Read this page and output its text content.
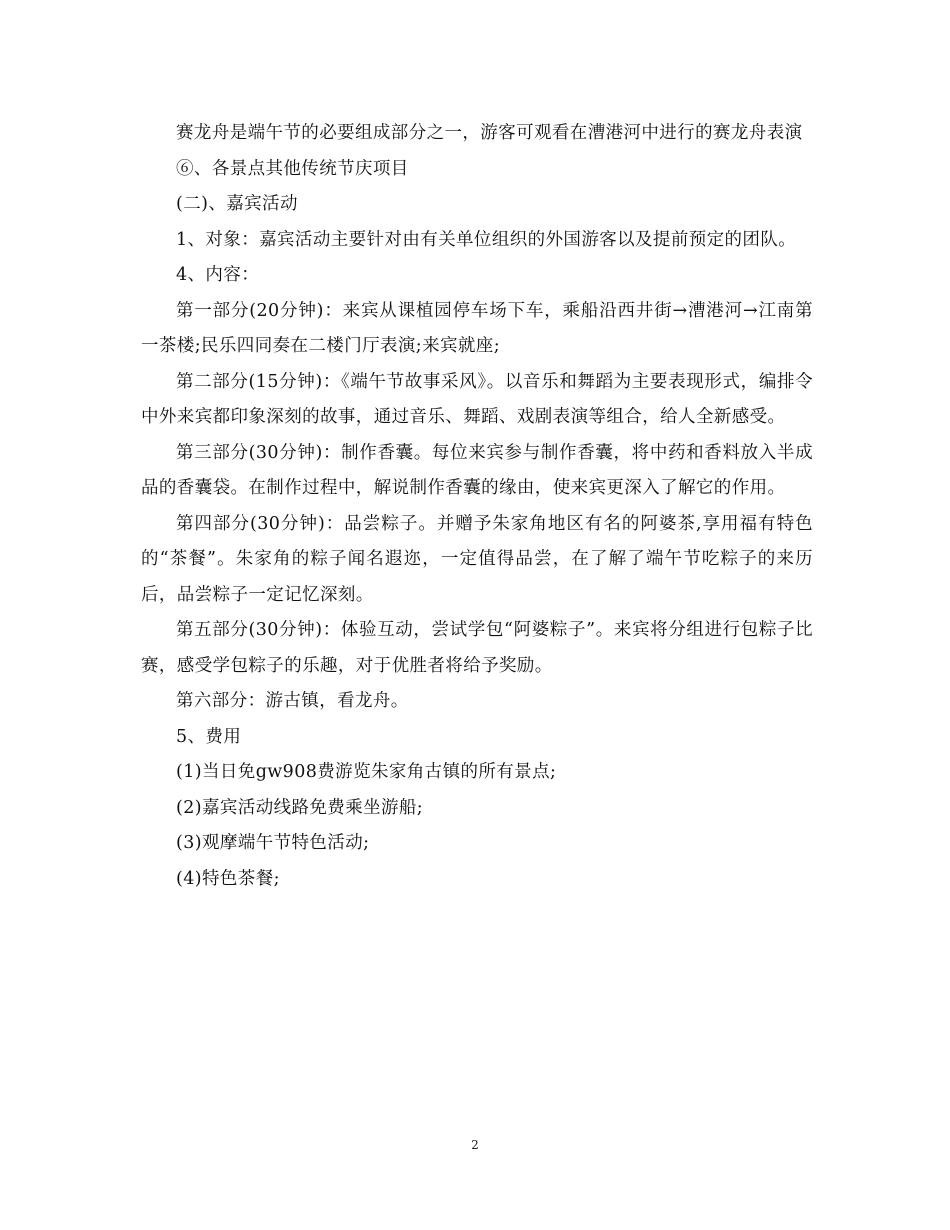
赛龙舟是端午节的必要组成部分之一，游客可观看在漕港河中进行的赛龙舟表演

⑥、各景点其他传统节庆项目

(二)、嘉宾活动

1、对象：嘉宾活动主要针对由有关单位组织的外国游客以及提前预定的团队。

4、内容：

第一部分(20分钟)：来宾从课植园停车场下车，乘船沿西井街→漕港河→江南第一茶楼;民乐四同奏在二楼门厅表演;来宾就座;

第二部分(15分钟)：《端午节故事采风》。以音乐和舞蹈为主要表现形式，编排令中外来宾都印象深刻的故事，通过音乐、舞蹈、戏剧表演等组合，给人全新感受。

第三部分(30分钟)：制作香囊。每位来宾参与制作香囊，将中药和香料放入半成品的香囊袋。在制作过程中，解说制作香囊的缘由，使来宾更深入了解它的作用。

第四部分(30分钟)：品尝粽子。并赠予朱家角地区有名的阿婆茶,享用福有特色的“茶餐”。朱家角的粽子闻名遐迩，一定值得品尝，在了解了端午节吃粽子的来历后，品尝粽子一定记忆深刻。

第五部分(30分钟)：体验互动，尝试学包“阿婆粽子”。来宾将分组进行包粽子比赛，感受学包粽子的乐趣，对于优胜者将给予奖励。

第六部分：游古镇，看龙舟。

5、费用

(1)当日免gw908费游览朱家角古镇的所有景点;

(2)嘉宾活动线路免费乘坐游船;

(3)观摩端午节特色活动;

(4)特色茶餐;

2
